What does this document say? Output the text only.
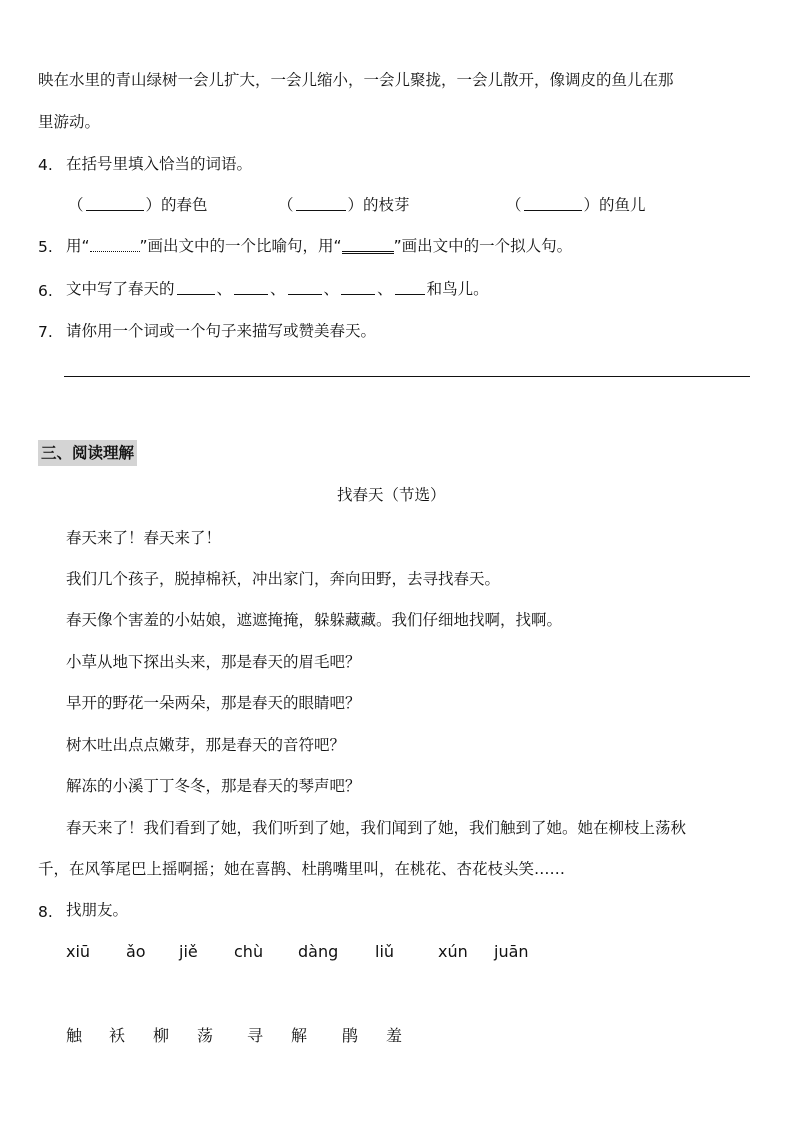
映在水里的青山绿树一会儿扩大，一会儿缩小，一会儿聚拢，一会儿散开，像调皮的鱼儿在那
里游动。
4. 在括号里填入恰当的词语。
（	）的春色	（	）的枝芽	（	）的鱼儿
5. 用“	”画出文中的一个比喻句，用“	”画出文中的一个拟人句。
6. 文中写了春天的	、 、 、 、 和鸟儿。
7. 请你用一个词或一个句子来描写或赞美春天。
三、阅读理解
找春天（节选）
春天来了！春天来了！
我们几个孩子，脱掉棉袄，冲出家门，奔向田野，去寻找春天。
春天像个害羞的小姑娘，遮遮掩掩，躲躲藏藏。我们仔细地找啊，找啊。
小草从地下探出头来，那是春天的眉毛吧？
早开的野花一朵两朵，那是春天的眼睛吧？
树木吐出点点嫩芽，那是春天的音符吧？
解冻的小溪丁丁冬冬，那是春天的琴声吧？
春天来了！我们看到了她，我们听到了她，我们闻到了她，我们触到了她。她在柳枝上荡秋
千，在风筝尾巴上摇啊摇；她在喜鹊、杜鹃嘴里叫，在桃花、杏花枝头笑……
8. 找朋友。
xiū ǎo jiě chù dàng liǔ	xún juān
触 袄 柳 荡 寻 解 鹃 羞
